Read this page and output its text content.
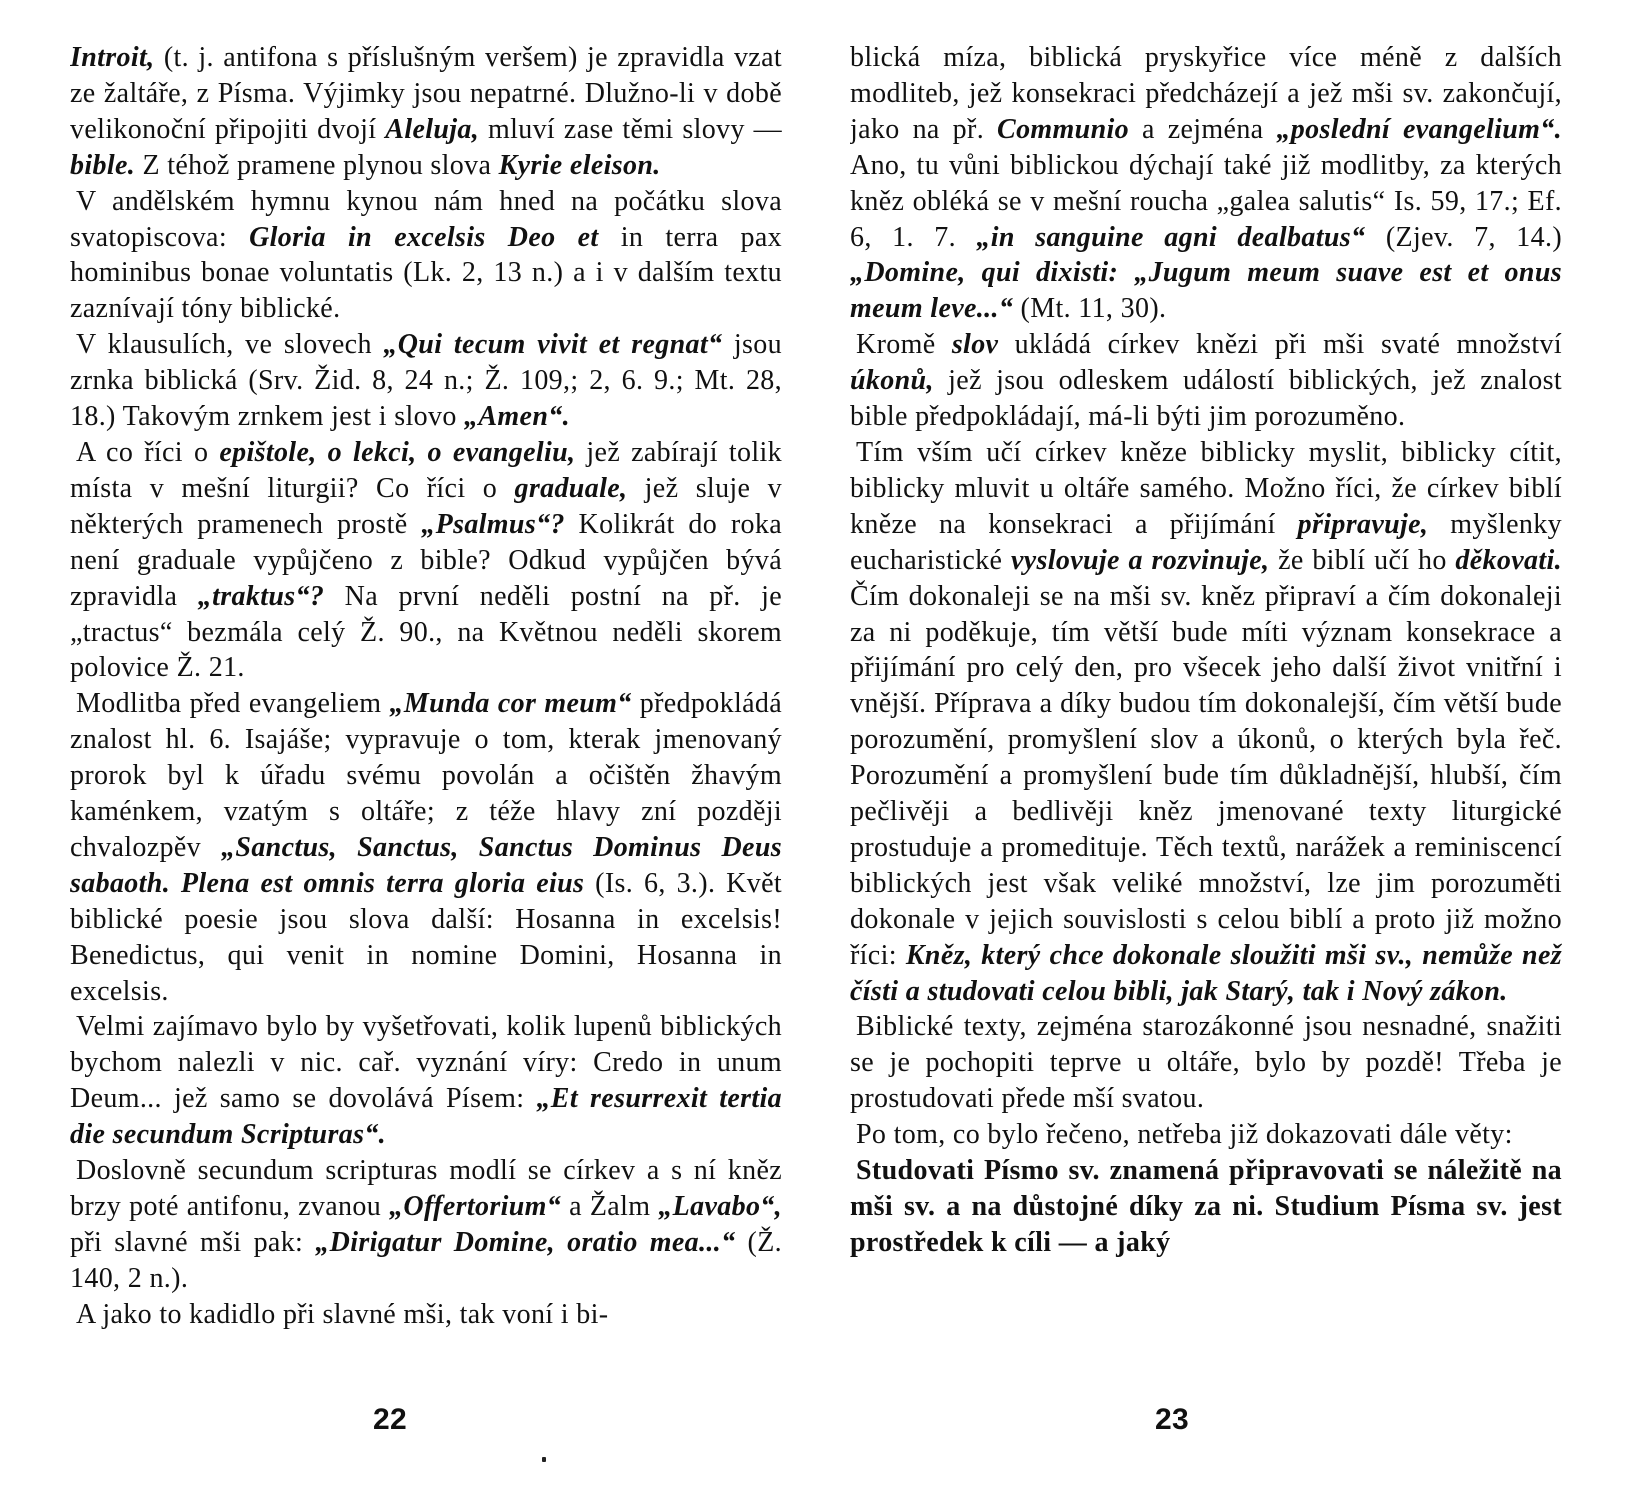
Introit, (t. j. antifona s příslušným veršem) je zpravidla vzat ze žaltáře, z Písma. Výjimky jsou nepatrné. Dlužno-li v době velikonoční připojiti dvojí Aleluja, mluví zase těmi slovy — bible. Z téhož pramene plynou slova Kyrie eleison.

V andělském hymnu kynou nám hned na počátku slova svatopiscova: Gloria in excelsis Deo et in terra pax hominibus bonae voluntatis (Lk. 2, 13 n.) a i v dalším textu zaznívají tóny biblické.

V klausulích, ve slovech „Qui tecum vivit et regnat“ jsou zrnka biblická (Srv. Žid. 8, 24 n.; Ž. 109,; 2, 6. 9.; Mt. 28, 18.) Takovým zrnkem jest i slovo „Amen“.

A co říci o epištole, o lekci, o evangeliu, jež zabírají tolik místa v mešní liturgii? Co říci o graduale, jež sluje v některých pramenech prostě „Psalmus“? Kolikrát do roka není graduale vypůjčeno z bible? Odkud vypůjčen bývá zpravidla „traktus“? Na první neděli postní na př. je „tractus“ bezmála celý Ž. 90., na Květnou neděli skorem polovice Ž. 21.

Modlitba před evangeliem „Munda cor meum“ předpokládá znalost hl. 6. Isajáše; vypravuje o tom, kterak jmenovaný prorok byl k úřadu svému povolán a očištěn žhavým kaménkem, vzatým s oltáře; z téže hlavy zní později chvalozpěv „Sanctus, Sanctus, Sanctus Dominus Deus sabaoth. Plena est omnis terra gloria eius (Is. 6, 3.). Květ biblické poesie jsou slova další: Hosanna in excelsis! Benedictus, qui venit in nomine Domini, Hosanna in excelsis.

Velmi zajímavo bylo by vyšetřovati, kolik lupenů biblických bychom nalezli v nic. cař. vyznání víry: Credo in unum Deum... jež samo se dovolává Písem: „Et resurrexit tertia die secundum Scripturas“.

Doslovně secundum scripturas modlí se církev a s ní kněz brzy poté antifonu, zvanou „Offertorium“ a Žalm „Lavabo“, při slavné mši pak: „Dirigatur Domine, oratio mea...“ (Ž. 140, 2 n.).

A jako to kadidlo při slavné mši, tak voní i bi-

22

blická míza, biblická pryskyřice více méně z dalších modliteb, jež konsekraci předcházejí a jež mši sv. zakončují, jako na př. Communio a zejména „poslední evangelium“. Ano, tu vůni biblickou dýchají také již modlitby, za kterých kněz obléká se v mešní roucha „galea salutis“ Is. 59, 17.; Ef. 6, 1. 7. „in sanguine agni dealbatus“ (Zjev. 7, 14.) „Domine, qui dixisti: „Jugum meum suave est et onus meum leve...“ (Mt. 11, 30).

Kromě slov ukládá církev knězi při mši svaté množství úkonů, jež jsou odleskem událostí biblických, jež znalost bible předpokládají, má-li býti jim porozuměno.

Tím vším učí církev kněze biblicky myslit, biblicky cítit, biblicky mluvit u oltáře samého. Možno říci, že církev biblí kněze na konsekraci a přijímání připravuje, myšlenky eucharistické vyslovuje a rozvinuje, že biblí učí ho děkovati. Čím dokonaleji se na mši sv. kněz připraví a čím dokonaleji za ni poděkuje, tím větší bude míti význam konsekrace a přijímání pro celý den, pro všecek jeho další život vnitřní i vnější. Příprava a díky budou tím dokonalejší, čím větší bude porozumění, promyšlení slov a úkonů, o kterých byla řeč. Porozumění a promyšlení bude tím důkladnější, hlubší, čím pečlivěji a bedlivěji kněz jmenované texty liturgické prostuduje a promedituje. Těch textů, narážek a reminiscencí biblických jest však veliké množství, lze jim porozuměti dokonale v jejich souvislosti s celou biblí a proto již možno říci: Kněz, který chce dokonale sloužiti mši sv., nemůže než čísti a studovati celou bibli, jak Starý, tak i Nový zákon.

Biblické texty, zejména starozákonné jsou nesnadné, snažiti se je pochopiti teprve u oltáře, bylo by pozdě! Třeba je prostudovati přede mší svatou.

Po tom, co bylo řečeno, netřeba již dokazovati dále věty:

Studovati Písmo sv. znamená připravovati se náležitě na mši sv. a na důstojné díky za ni. Studium Písma sv. jest prostředek k cíli — a jaký

23
